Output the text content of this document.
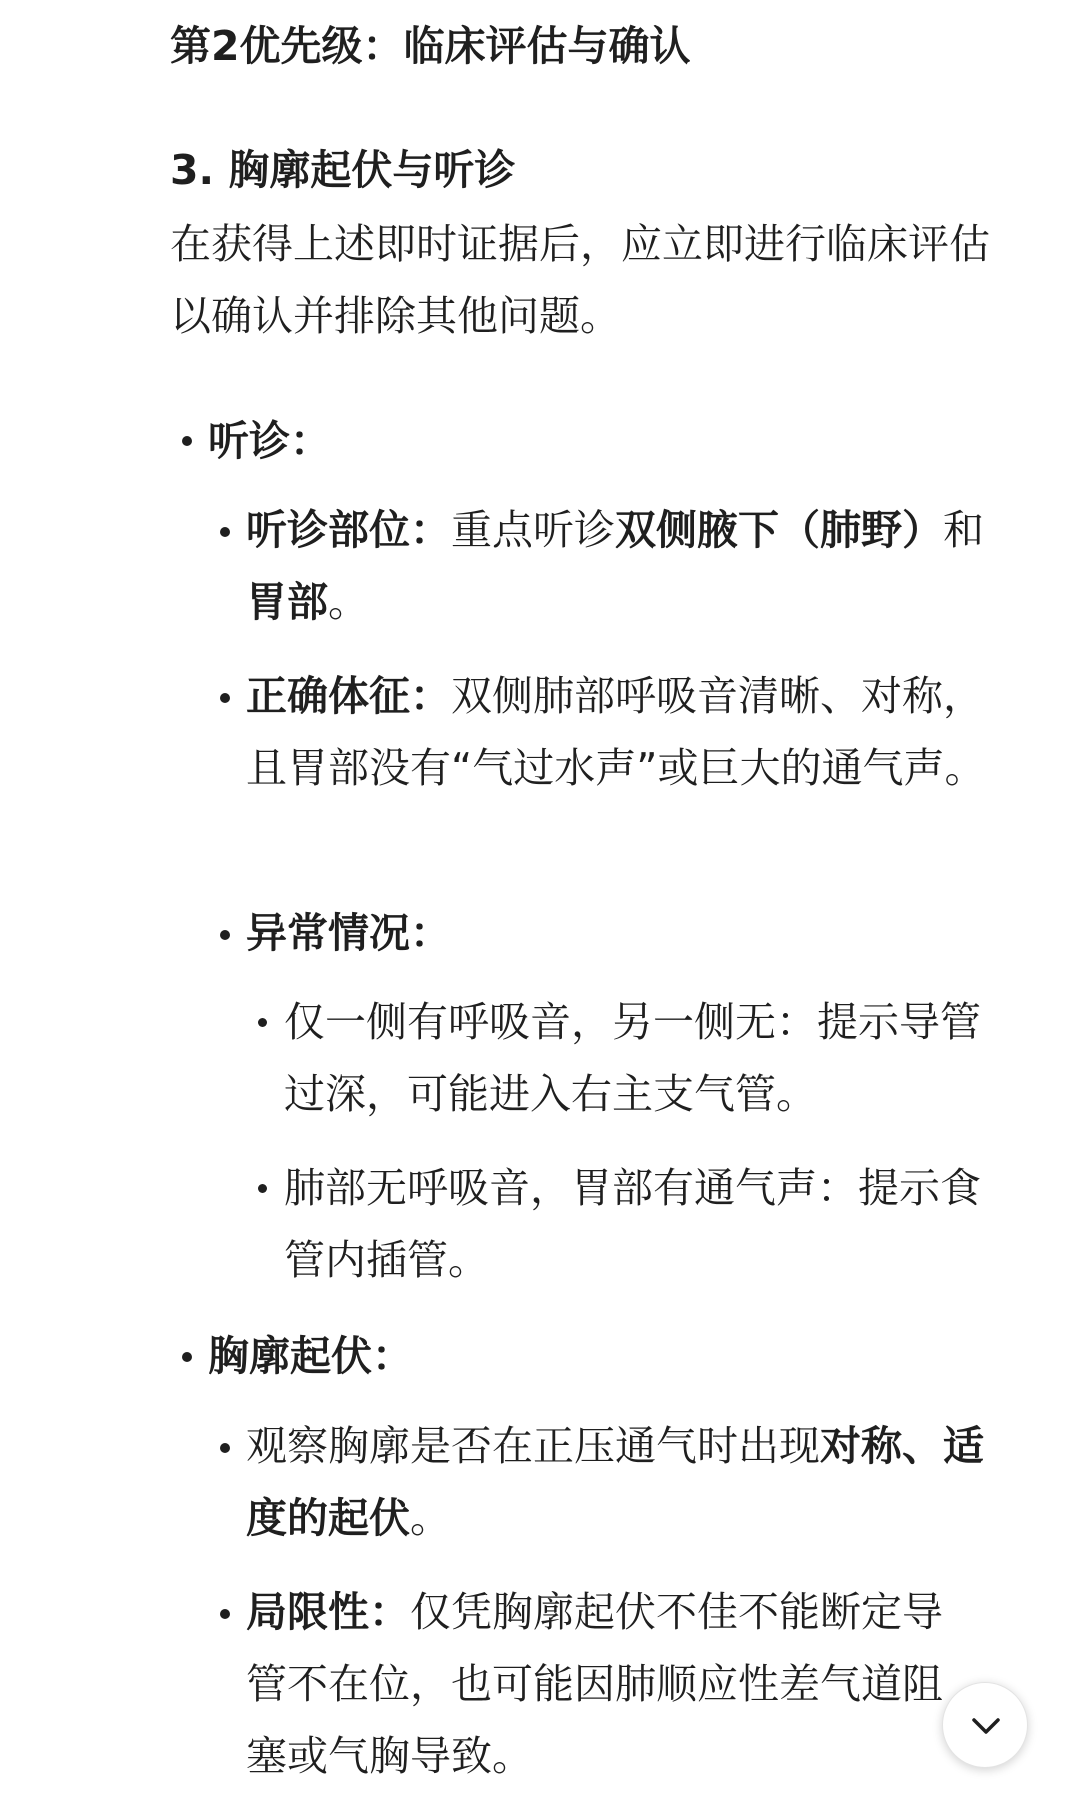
第2优先级：临床评估与确认
3. 胸廓起伏与听诊
在获得上述即时证据后，应立即进行临床评估以确认并排除其他问题。
听诊：
听诊部位：重点听诊双侧腋下（肺野）和胃部。
正确体征：双侧肺部呼吸音清晰、对称，且胃部没有“气过水声”或巨大的通气声。
异常情况：
仅一侧有呼吸音，另一侧无：提示导管过深，可能进入右主支气管。
肺部无呼吸音，胃部有通气声：提示食管内插管。
胸廓起伏：
观察胸廓是否在正压通气时出现对称、适度的起伏。
局限性：仅凭胸廓起伏不佳不能断定导管不在位，也可能因肺顺应性差气道阻塞或气胸导致。
